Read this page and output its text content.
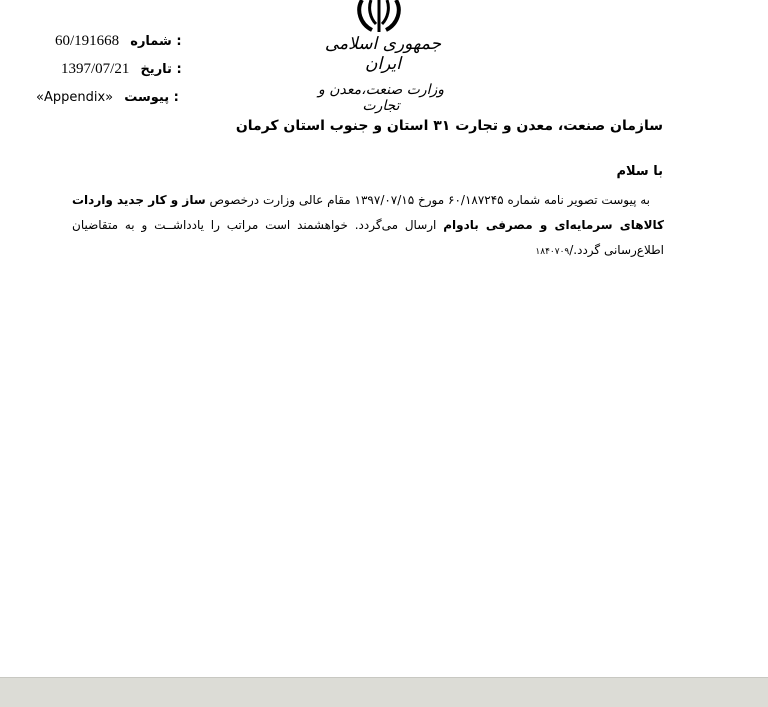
جمهوری اسلامی ایران
وزارت صنعت،معدن و تجارت
سازمان صنعت، معدن و تجارت ۳۱ استان و جنوب استان کرمان
60/191668 شماره :
1397/07/21 تاریخ :
«Appendix» پیوست :
با سلام

به پیوست تصویر نامه شماره ۶۰/۱۸۷۲۴۵ مورخ ۱۳۹۷/۰۷/۱۵ مقام عالی وزارت درخصوص ساز و کار جدید واردات کالاهای سرمایه‌ای و مصرفی بادوام ارسال می‌گردد. خواهشمند است مراتب را یادداشــت و به متقاضیان اطلاع‌رسانی گردد./۱۸۴۰۷۰۹
